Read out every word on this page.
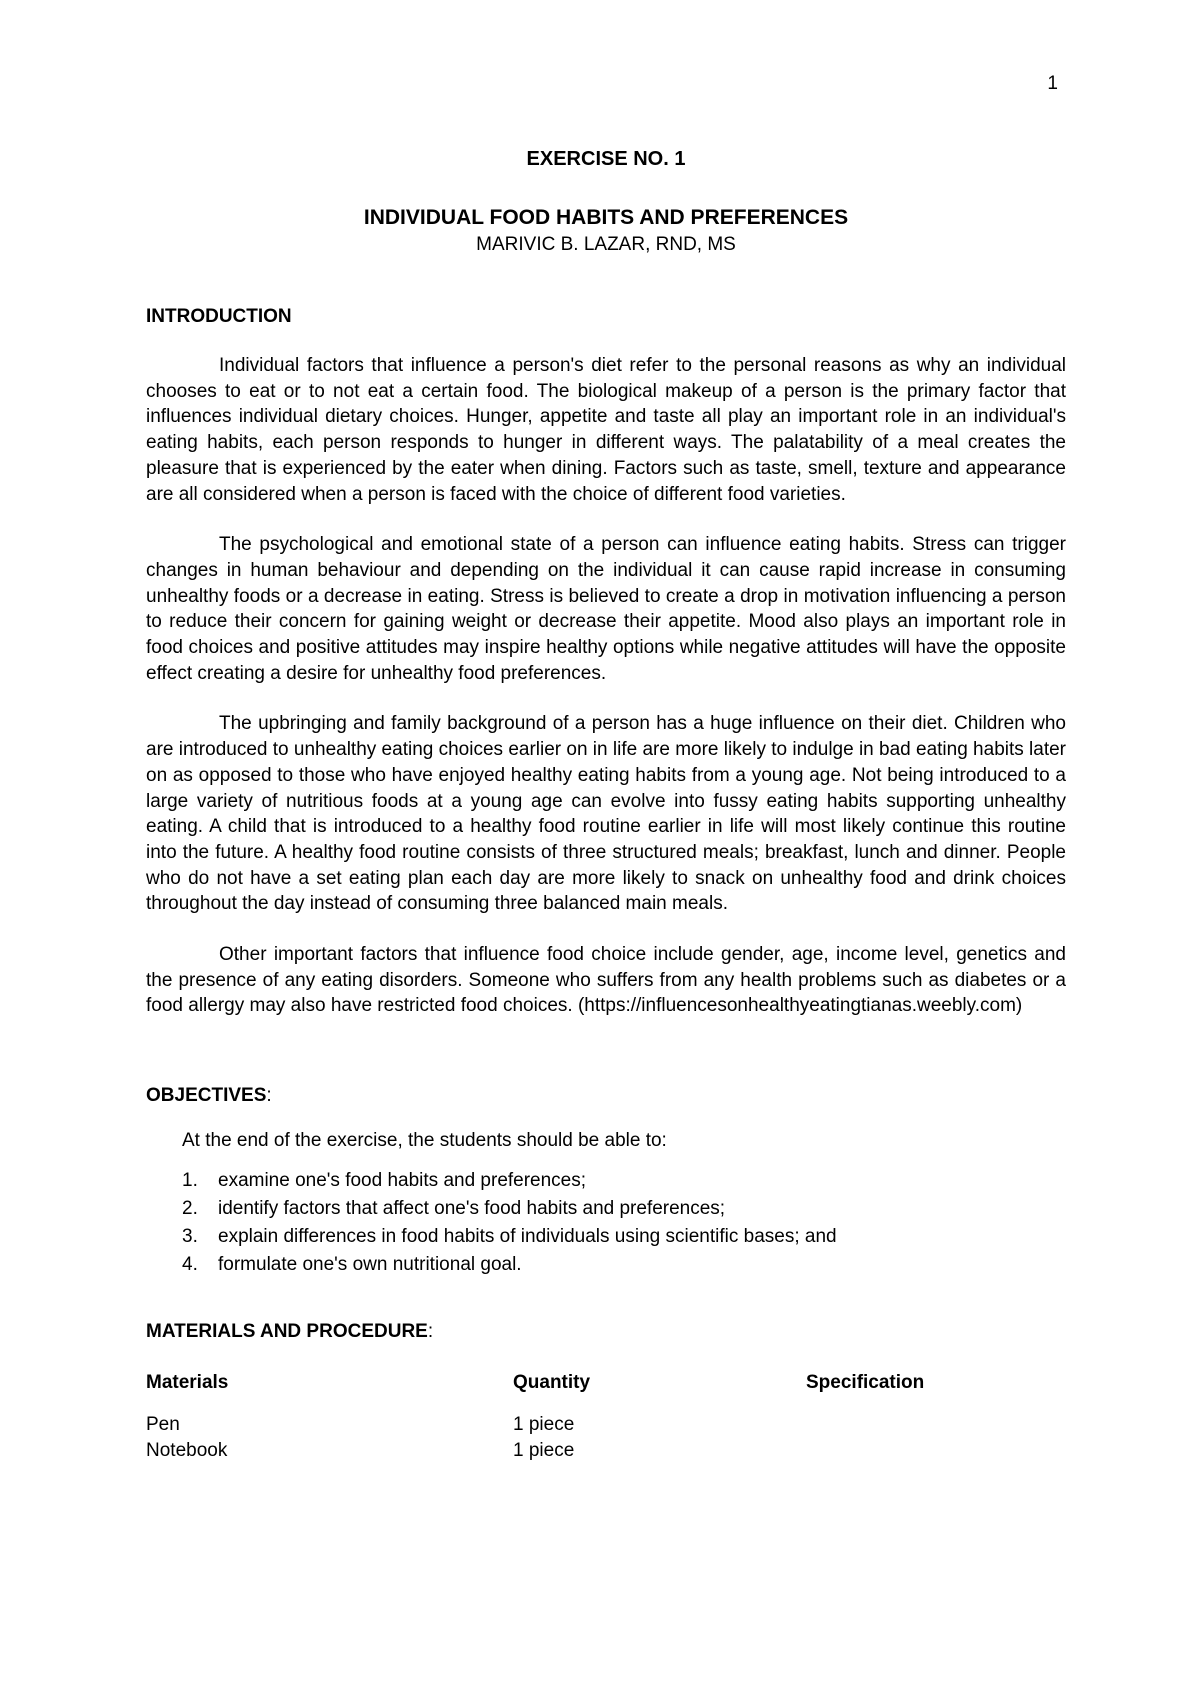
1

EXERCISE NO. 1

INDIVIDUAL FOOD HABITS AND PREFERENCES

MARIVIC B. LAZAR, RND, MS

INTRODUCTION

Individual factors that influence a person's diet refer to the personal reasons as why an individual chooses to eat or to not eat a certain food. The biological makeup of a person is the primary factor that influences individual dietary choices. Hunger, appetite and taste all play an important role in an individual's eating habits, each person responds to hunger in different ways. The palatability of a meal creates the pleasure that is experienced by the eater when dining. Factors such as taste, smell, texture and appearance are all considered when a person is faced with the choice of different food varieties.

The psychological and emotional state of a person can influence eating habits. Stress can trigger changes in human behaviour and depending on the individual it can cause rapid increase in consuming unhealthy foods or a decrease in eating. Stress is believed to create a drop in motivation influencing a person to reduce their concern for gaining weight or decrease their appetite. Mood also plays an important role in food choices and positive attitudes may inspire healthy options while negative attitudes will have the opposite effect creating a desire for unhealthy food preferences.

The upbringing and family background of a person has a huge influence on their diet. Children who are introduced to unhealthy eating choices earlier on in life are more likely to indulge in bad eating habits later on as opposed to those who have enjoyed healthy eating habits from a young age. Not being introduced to a large variety of nutritious foods at a young age can evolve into fussy eating habits supporting unhealthy eating. A child that is introduced to a healthy food routine earlier in life will most likely continue this routine into the future. A healthy food routine consists of three structured meals; breakfast, lunch and dinner. People who do not have a set eating plan each day are more likely to snack on unhealthy food and drink choices throughout the day instead of consuming three balanced main meals.

Other important factors that influence food choice include gender, age, income level, genetics and the presence of any eating disorders. Someone who suffers from any health problems such as diabetes or a food allergy may also have restricted food choices. (https://influencesonhealthyeatingtianas.weebly.com)

OBJECTIVES:

At the end of the exercise, the students should be able to:

1.	examine one's food habits and preferences;
2.	identify factors that affect one's food habits and preferences;
3.	explain differences in food habits of individuals using scientific bases; and
4.	formulate one's own nutritional goal.

MATERIALS AND PROCEDURE:

Materials	Quantity	Specification
Pen	1 piece
Notebook	1 piece
